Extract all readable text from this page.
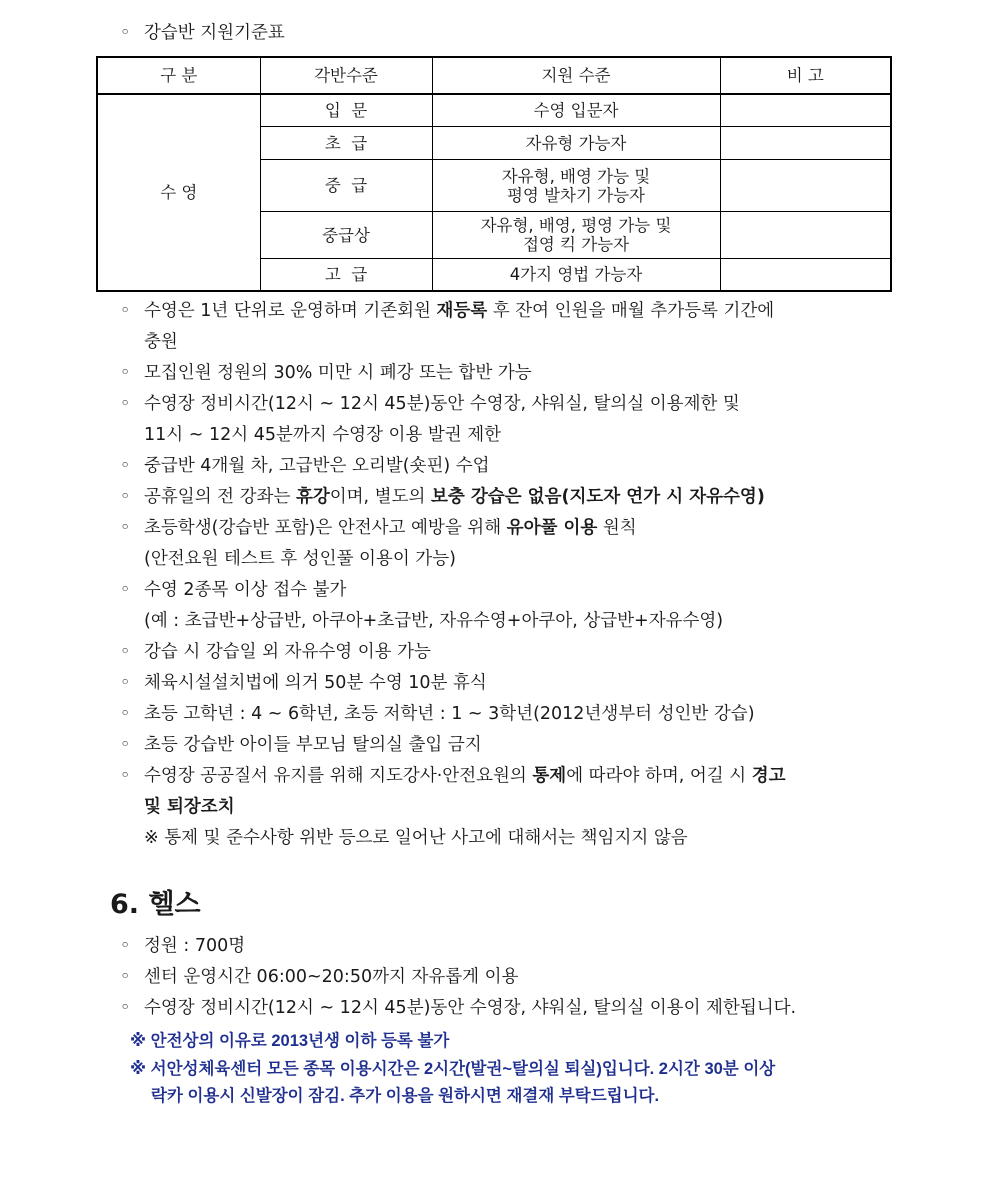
◦ 강습반 지원기준표
구 분	각반수준	지원 수준	비 고
수 영	입  문	수영 입문자	
	초  급	자유형 가능자	
	중  급	자유형, 배영 가능 및
평영 발차기 가능자	

	중급상	자유형, 배영, 평영 가능 및
접영 킥 가능자	

	고  급	4가지 영법 가능자	
◦ 수영은 1년 단위로 운영하며 기존회원 재등록 후 잔여 인원을 매월 추가등록 기간에
충원
◦ 모집인원 정원의 30% 미만 시 폐강 또는 합반 가능
◦ 수영장 정비시간(12시 ~ 12시 45분)동안 수영장, 샤워실, 탈의실 이용제한 및
11시 ~ 12시 45분까지 수영장 이용 발권 제한
◦ 중급반 4개월 차, 고급반은 오리발(숏핀) 수업
◦ 공휴일의 전 강좌는 휴강이며, 별도의 보충 강습은 없음(지도자 연가 시 자유수영)
◦ 초등학생(강습반 포함)은 안전사고 예방을 위해 유아풀 이용 원칙
(안전요원 테스트 후 성인풀 이용이 가능)
◦ 수영 2종목 이상 접수 불가
(예 : 초급반+상급반, 아쿠아+초급반, 자유수영+아쿠아, 상급반+자유수영)
◦ 강습 시 강습일 외 자유수영 이용 가능
◦ 체육시설설치법에 의거 50분 수영 10분 휴식
◦ 초등 고학년 : 4 ~ 6학년, 초등 저학년 : 1 ~ 3학년(2012년생부터 성인반 강습)
◦ 초등 강습반 아이들 부모님 탈의실 출입 금지
◦ 수영장 공공질서 유지를 위해 지도강사·안전요원의 통제에 따라야 하며, 어길 시 경고
및 퇴장조치
※ 통제 및 준수사항 위반 등으로 일어난 사고에 대해서는 책임지지 않음
6. 헬스
◦ 정원 : 700명
◦ 센터 운영시간 06:00~20:50까지 자유롭게 이용
◦ 수영장 정비시간(12시 ~ 12시 45분)동안 수영장, 샤워실, 탈의실 이용이 제한됩니다.
※ 안전상의 이유로 2013년생 이하 등록 불가
※ 서안성체육센터 모든 종목 이용시간은 2시간(발권~탈의실 퇴실)입니다. 2시간 30분 이상
락카 이용시 신발장이 잠김. 추가 이용을 원하시면 재결재 부탁드립니다.
